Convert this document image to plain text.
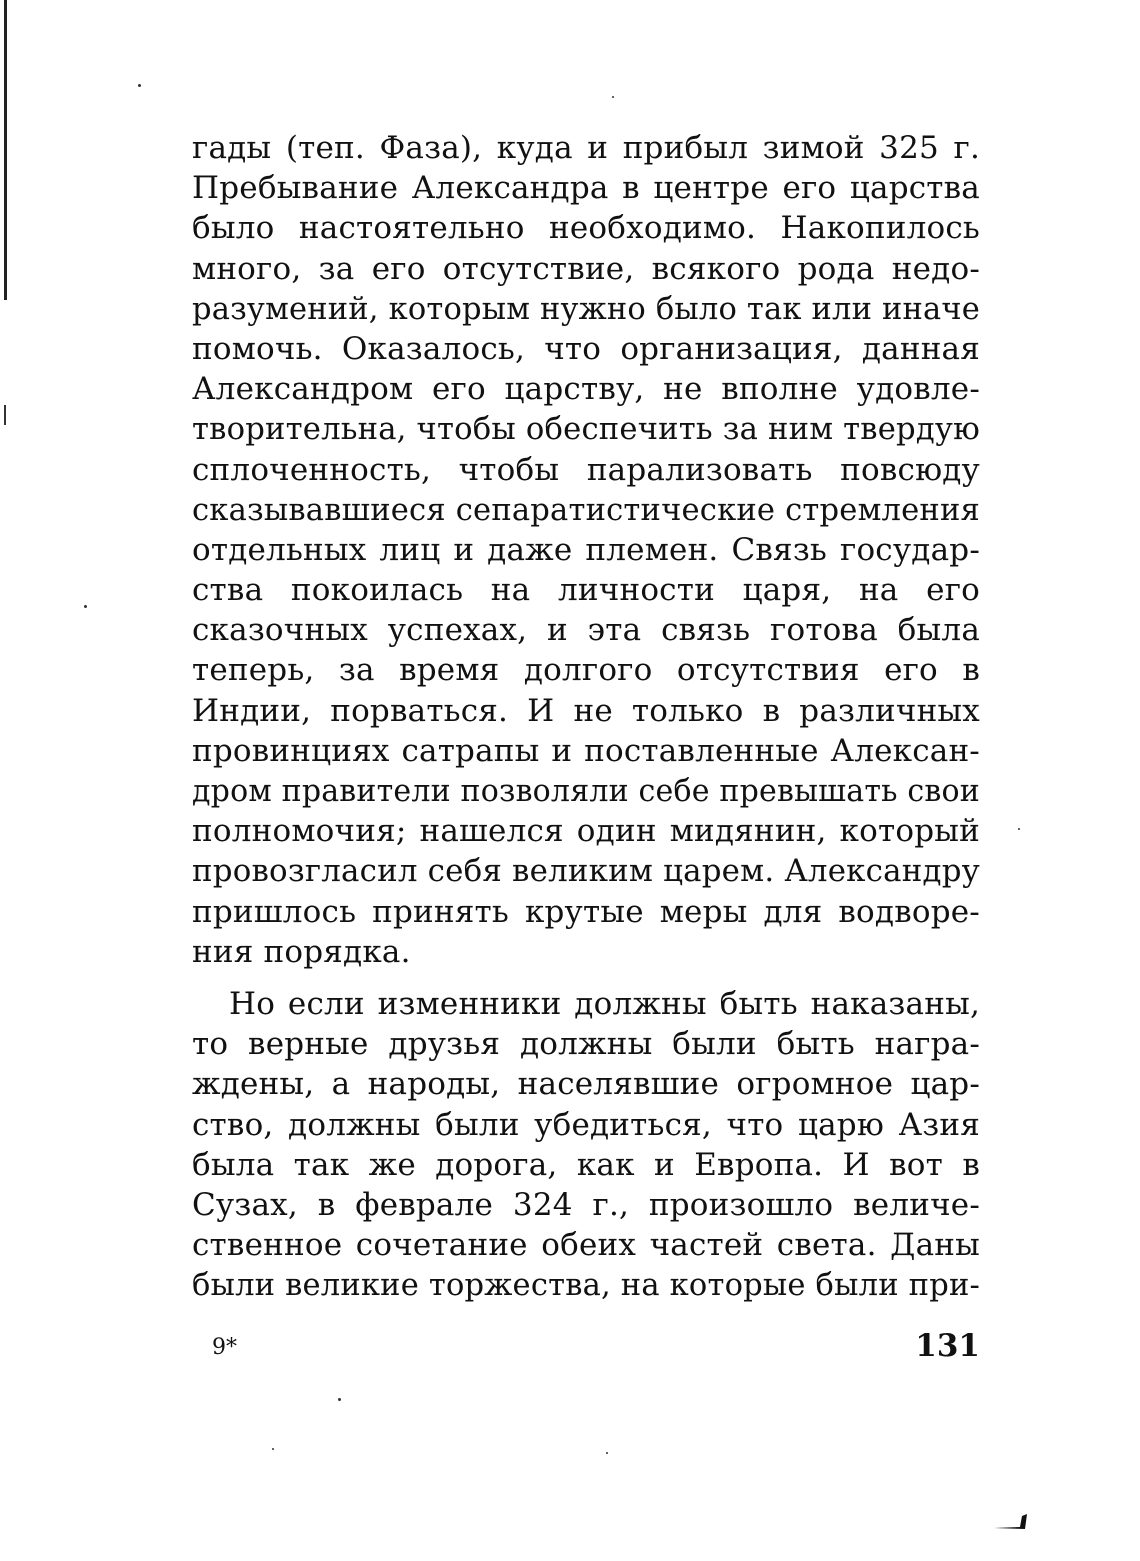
гады (теп. Фаза), куда и прибыл зимой 325 г.
Пребывание Александра в центре его царства
было настоятельно необходимо. Накопилось
много, за его отсутствие, всякого рода недо-
разумений, которым нужно было так или иначе
помочь. Оказалось, что организация, данная
Александром его царству, не вполне удовле-
творительна, чтобы обеспечить за ним твердую
сплоченность, чтобы парализовать повсюду
сказывавшиеся сепаратистические стремления
отдельных лиц и даже племен. Связь государ-
ства покоилась на личности царя, на его
сказочных успехах, и эта связь готова была
теперь, за время долгого отсутствия его в
Индии, порваться. И не только в различных
провинциях сатрапы и поставленные Алексан-
дром правители позволяли себе превышать свои
полномочия; нашелся один мидянин, который
провозгласил себя великим царем. Александру
пришлось принять крутые меры для водворе-
ния порядка.
Но если изменники должны быть наказаны,
то верные друзья должны были быть награ-
ждены, а народы, населявшие огромное цар-
ство, должны были убедиться, что царю Азия
была так же дорога, как и Европа. И вот в
Сузах, в феврале 324 г., произошло величе-
ственное сочетание обеих частей света. Даны
были великие торжества, на которые были при-
9*	131
